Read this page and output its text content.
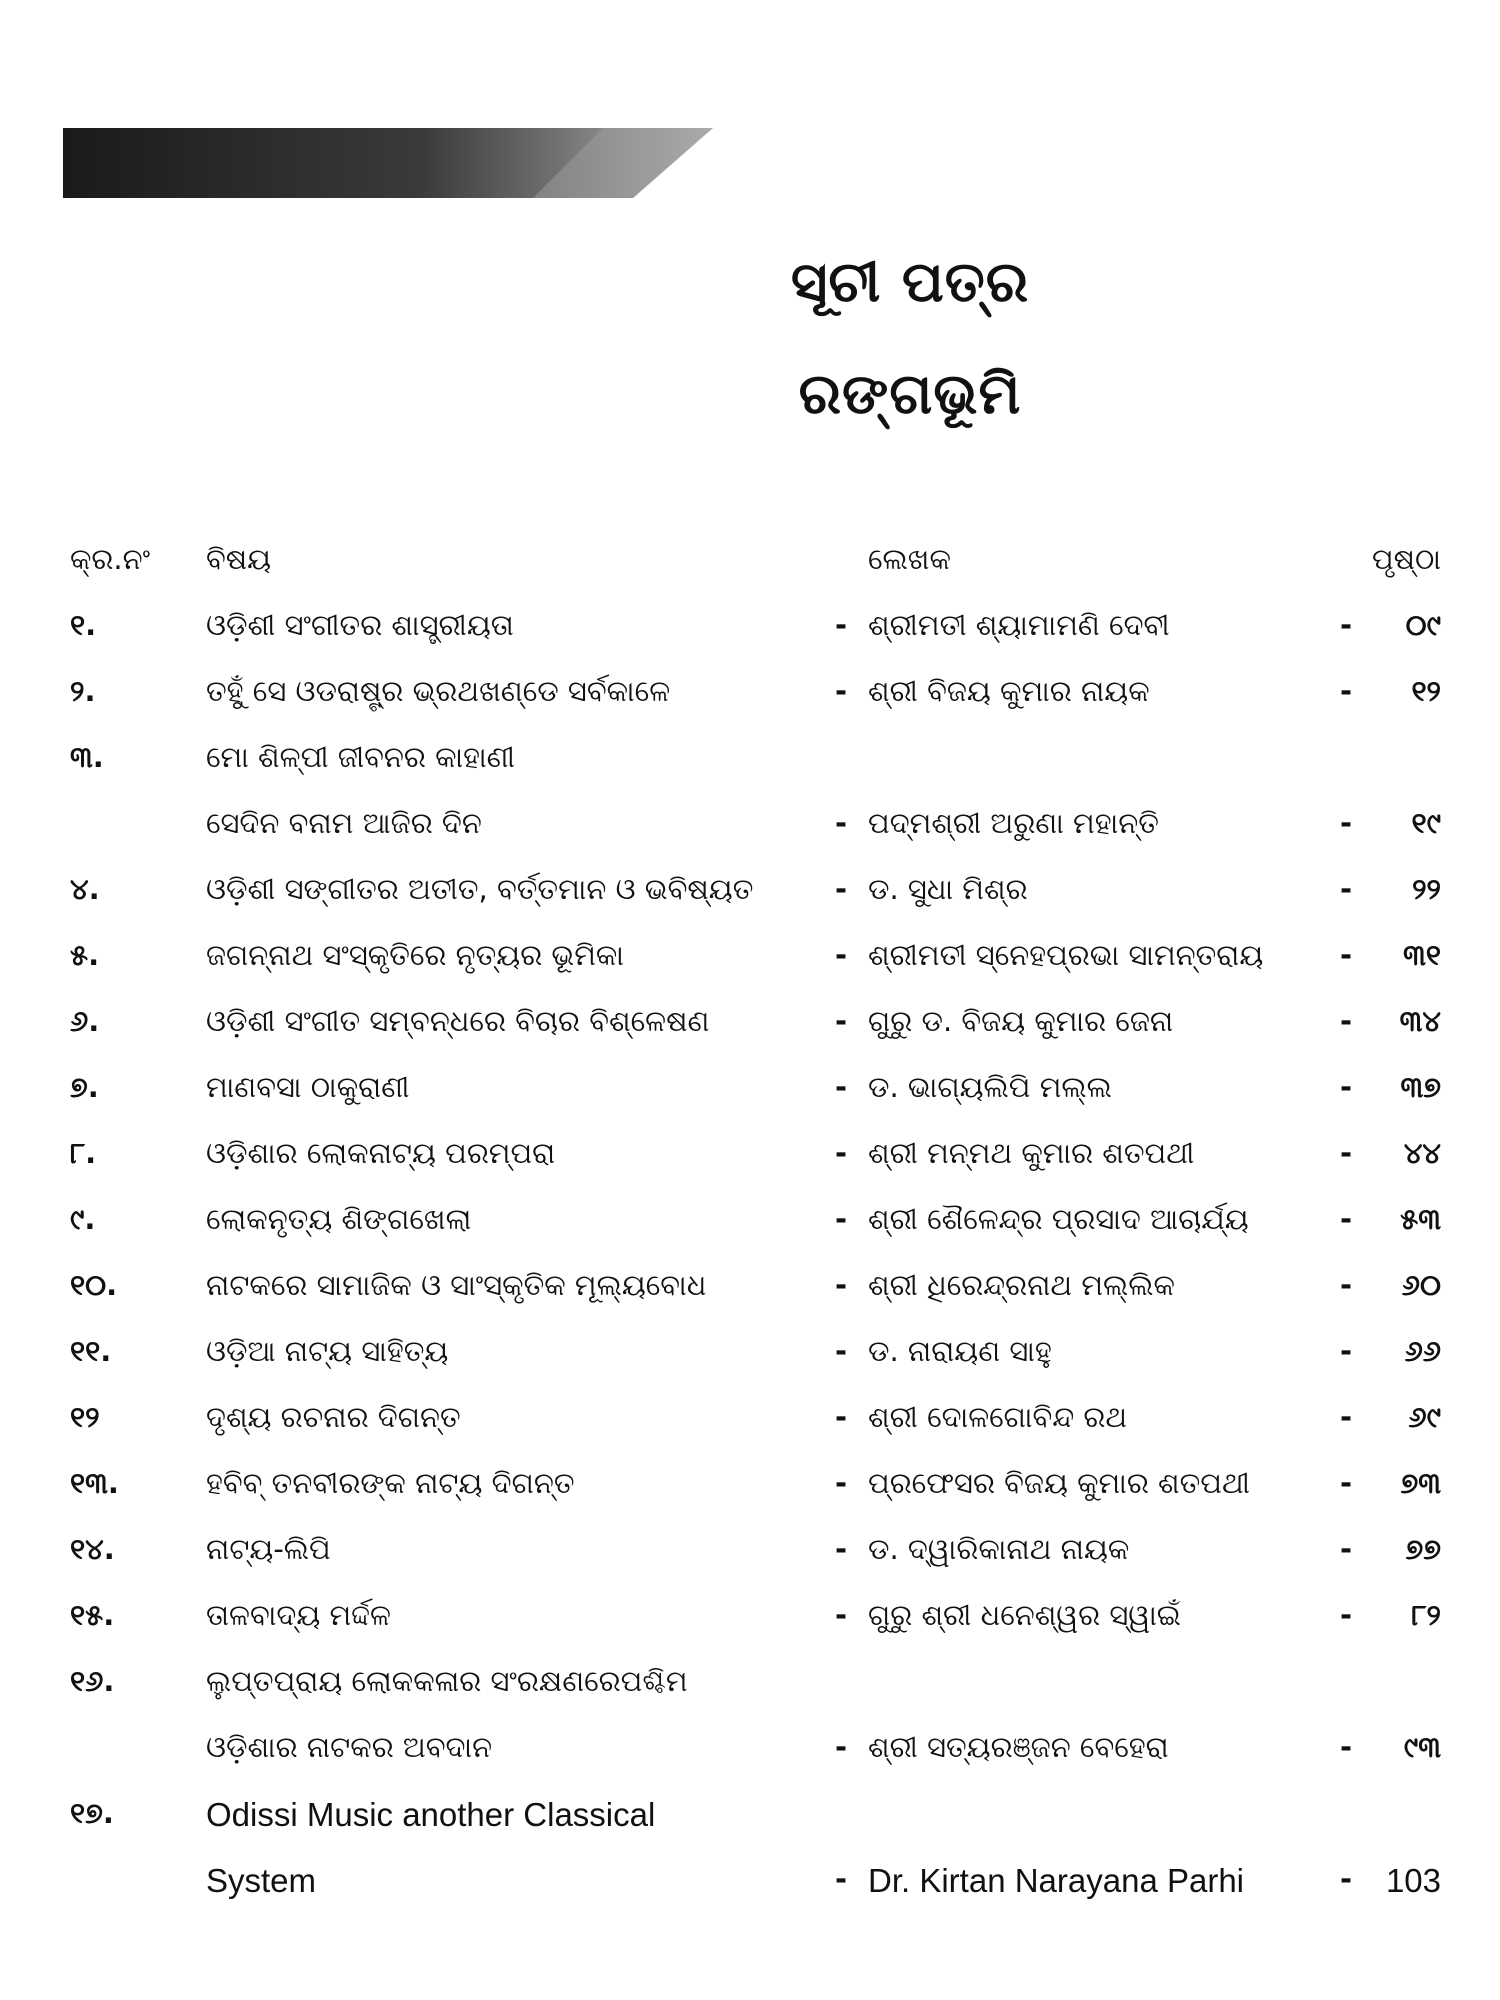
ସୂଚୀ ପତ୍ର
ରଙ୍ଗଭୂମି
କ୍ର.ନଂ ବିଷୟ	ଲେଖକ	ପୃଷ୍ଠା
୧.	ଓଡ଼ିଶୀ ସଂଗୀତର ଶାସ୍ତ୍ରୀୟତା	- ଶ୍ରୀମତୀ ଶ୍ୟାମାମଣି ଦେବୀ	-	୦୯
୨.	ତହୁଁ ସେ ଓଡରାଷ୍ଟ୍ର ଭ୍ରଥଖଣ୍ଡେ ସର୍ବକାଳେ	- ଶ୍ରୀ ବିଜୟ କୁମାର ନାୟକ	-	୧୨
୩.	ମୋ ଶିଳ୍ପୀ ଜୀବନର କାହାଣୀ
ସେଦିନ ବନାମ ଆଜିର ଦିନ	- ପଦ୍ମଶ୍ରୀ ଅରୁଣା ମହାନ୍ତି	-	୧୯
୪.	ଓଡ଼ିଶୀ ସଙ୍ଗୀତର ଅତୀତ, ବର୍ତ୍ତମାନ ଓ ଭବିଷ୍ୟତ	- ଡ. ସୁଧା ମିଶ୍ର	-	୨୨
୫.	ଜଗନ୍ନାଥ ସଂସ୍କୃତିରେ ନୃତ୍ୟର ଭୂମିକା	- ଶ୍ରୀମତୀ ସ୍ନେହପ୍ରଭା ସାମନ୍ତରାୟ	-	୩୧
୬.	ଓଡ଼ିଶୀ ସଂଗୀତ ସମ୍ବନ୍ଧରେ ବିଚାର ବିଶ୍ଳେଷଣ	- ଗୁରୁ ଡ. ବିଜୟ କୁମାର ଜେନା	-	୩୪
୭.	ମାଣବସା ଠାକୁରାଣୀ	- ଡ. ଭାଗ୍ୟଲିପି ମଲ୍ଲ	-	୩୭
୮.	ଓଡ଼ିଶାର ଲୋକନାଟ୍ୟ ପରମ୍ପରା	- ଶ୍ରୀ ମନ୍ମଥ କୁମାର ଶତପଥୀ	-	୪୪
୯.	ଲୋକନୃତ୍ୟ ଶିଙ୍ଗଖେଲା	- ଶ୍ରୀ ଶୈଳେନ୍ଦ୍ର ପ୍ରସାଦ ଆଚାର୍ଯ୍ୟ	-	୫୩
୧୦.	ନାଟକରେ ସାମାଜିକ ଓ ସାଂସ୍କୃତିକ ମୂଲ୍ୟବୋଧ	- ଶ୍ରୀ ଧିରେନ୍ଦ୍ରନାଥ ମଲ୍ଲିକ	-	୬୦
୧୧.	ଓଡ଼ିଆ ନାଟ୍ୟ ସାହିତ୍ୟ	- ଡ. ନାରାୟଣ ସାହୁ	-	୬୬
୧୨	ଦୃଶ୍ୟ ରଚନାର ଦିଗନ୍ତ	- ଶ୍ରୀ ଦୋଳଗୋବିନ୍ଦ ରଥ	-	୬୯
୧୩.	ହବିବ୍ ତନବୀରଙ୍କ ନାଟ୍ୟ ଦିଗନ୍ତ	- ପ୍ରଫେସର ବିଜୟ କୁମାର ଶତପଥୀ	-	୭୩
୧୪.	ନାଟ୍ୟ-ଲିପି	- ଡ. ଦ୍ୱାରିକାନାଥ ନାୟକ	-	୭୭
୧୫.	ତାଳବାଦ୍ୟ ମର୍ଦ୍ଦଳ	- ଗୁରୁ ଶ୍ରୀ ଧନେଶ୍ୱର ସ୍ୱାଇଁ	-	୮୨
୧୬.	ଲୁପ୍ତପ୍ରାୟ ଲୋକକଳାର ସଂରକ୍ଷଣରେପଶ୍ଚିମ
ଓଡ଼ିଶାର ନାଟକର ଅବଦାନ	- ଶ୍ରୀ ସତ୍ୟରଞ୍ଜନ ବେହେରା	-	୯୩
୧୭.	Odissi Music another Classical
System	- Dr. Kirtan Narayana Parhi	-	103
